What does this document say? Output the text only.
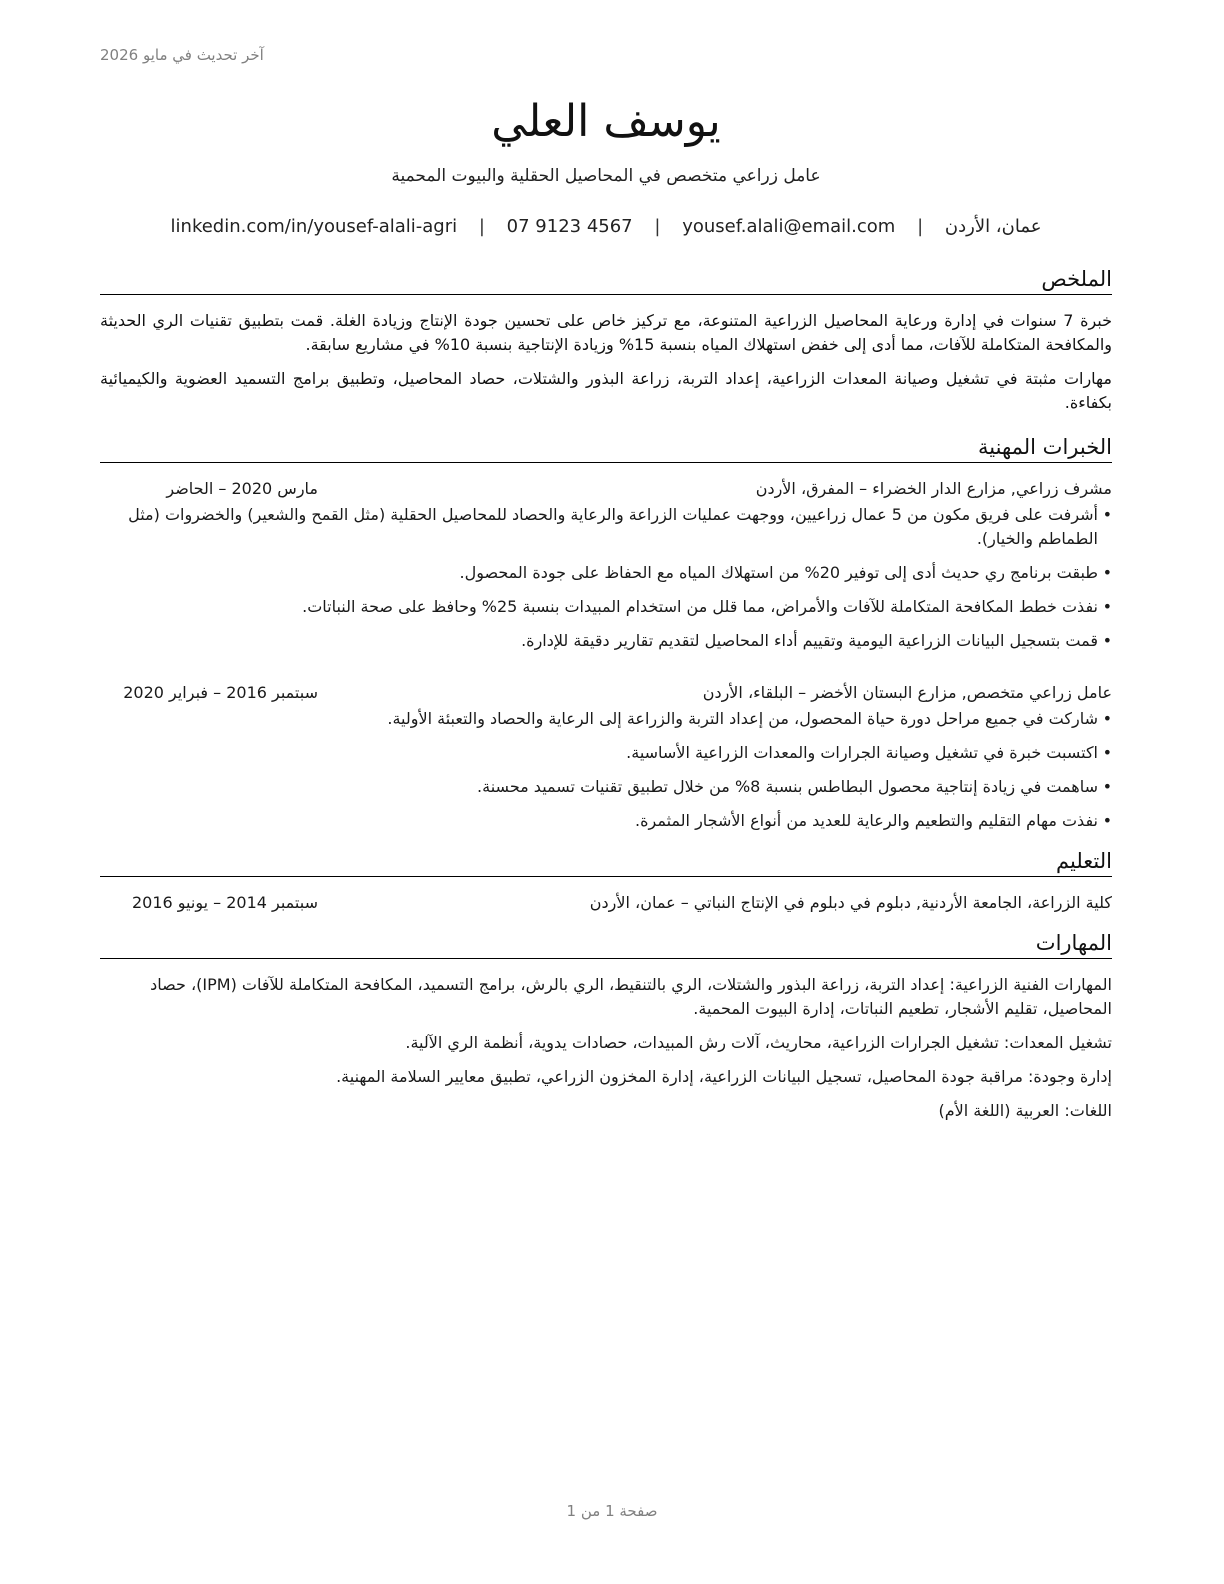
آخر تحديث في مايو 2026
يوسف العلي
عامل زراعي متخصص في المحاصيل الحقلية والبيوت المحمية
عمان، الأردن | yousef.alali@email.com | 07 9123 4567 | linkedin.com/in/yousef-alali-agri
الملخص
خبرة 7 سنوات في إدارة ورعاية المحاصيل الزراعية المتنوعة، مع تركيز خاص على تحسين جودة الإنتاج وزيادة الغلة. قمت بتطبيق تقنيات الري الحديثة والمكافحة المتكاملة للآفات، مما أدى إلى خفض استهلاك المياه بنسبة 15% وزيادة الإنتاجية بنسبة 10% في مشاريع سابقة.
مهارات مثبتة في تشغيل وصيانة المعدات الزراعية، إعداد التربة، زراعة البذور والشتلات، حصاد المحاصيل، وتطبيق برامج التسميد العضوية والكيميائية بكفاءة.
الخبرات المهنية
مشرف زراعي, مزارع الدار الخضراء – المفرق، الأردن
مارس 2020 – الحاضر
• أشرفت على فريق مكون من 5 عمال زراعيين، ووجهت عمليات الزراعة والرعاية والحصاد للمحاصيل الحقلية (مثل القمح والشعير) والخضروات (مثل الطماطم والخيار).
• طبقت برنامج ري حديث أدى إلى توفير 20% من استهلاك المياه مع الحفاظ على جودة المحصول.
• نفذت خطط المكافحة المتكاملة للآفات والأمراض، مما قلل من استخدام المبيدات بنسبة 25% وحافظ على صحة النباتات.
• قمت بتسجيل البيانات الزراعية اليومية وتقييم أداء المحاصيل لتقديم تقارير دقيقة للإدارة.
عامل زراعي متخصص, مزارع البستان الأخضر – البلقاء، الأردن
سبتمبر 2016 – فبراير 2020
• شاركت في جميع مراحل دورة حياة المحصول، من إعداد التربة والزراعة إلى الرعاية والحصاد والتعبئة الأولية.
• اكتسبت خبرة في تشغيل وصيانة الجرارات والمعدات الزراعية الأساسية.
• ساهمت في زيادة إنتاجية محصول البطاطس بنسبة 8% من خلال تطبيق تقنيات تسميد محسنة.
• نفذت مهام التقليم والتطعيم والرعاية للعديد من أنواع الأشجار المثمرة.
التعليم
كلية الزراعة، الجامعة الأردنية, دبلوم في دبلوم في الإنتاج النباتي – عمان، الأردن
سبتمبر 2014 – يونيو 2016
المهارات
المهارات الفنية الزراعية: إعداد التربة، زراعة البذور والشتلات، الري بالتنقيط، الري بالرش، برامج التسميد، المكافحة المتكاملة للآفات (IPM)، حصاد المحاصيل، تقليم الأشجار، تطعيم النباتات، إدارة البيوت المحمية.
تشغيل المعدات: تشغيل الجرارات الزراعية، محاريث، آلات رش المبيدات، حصادات يدوية، أنظمة الري الآلية.
إدارة وجودة: مراقبة جودة المحاصيل، تسجيل البيانات الزراعية، إدارة المخزون الزراعي، تطبيق معايير السلامة المهنية.
اللغات: العربية (اللغة الأم)
صفحة 1 من 1
